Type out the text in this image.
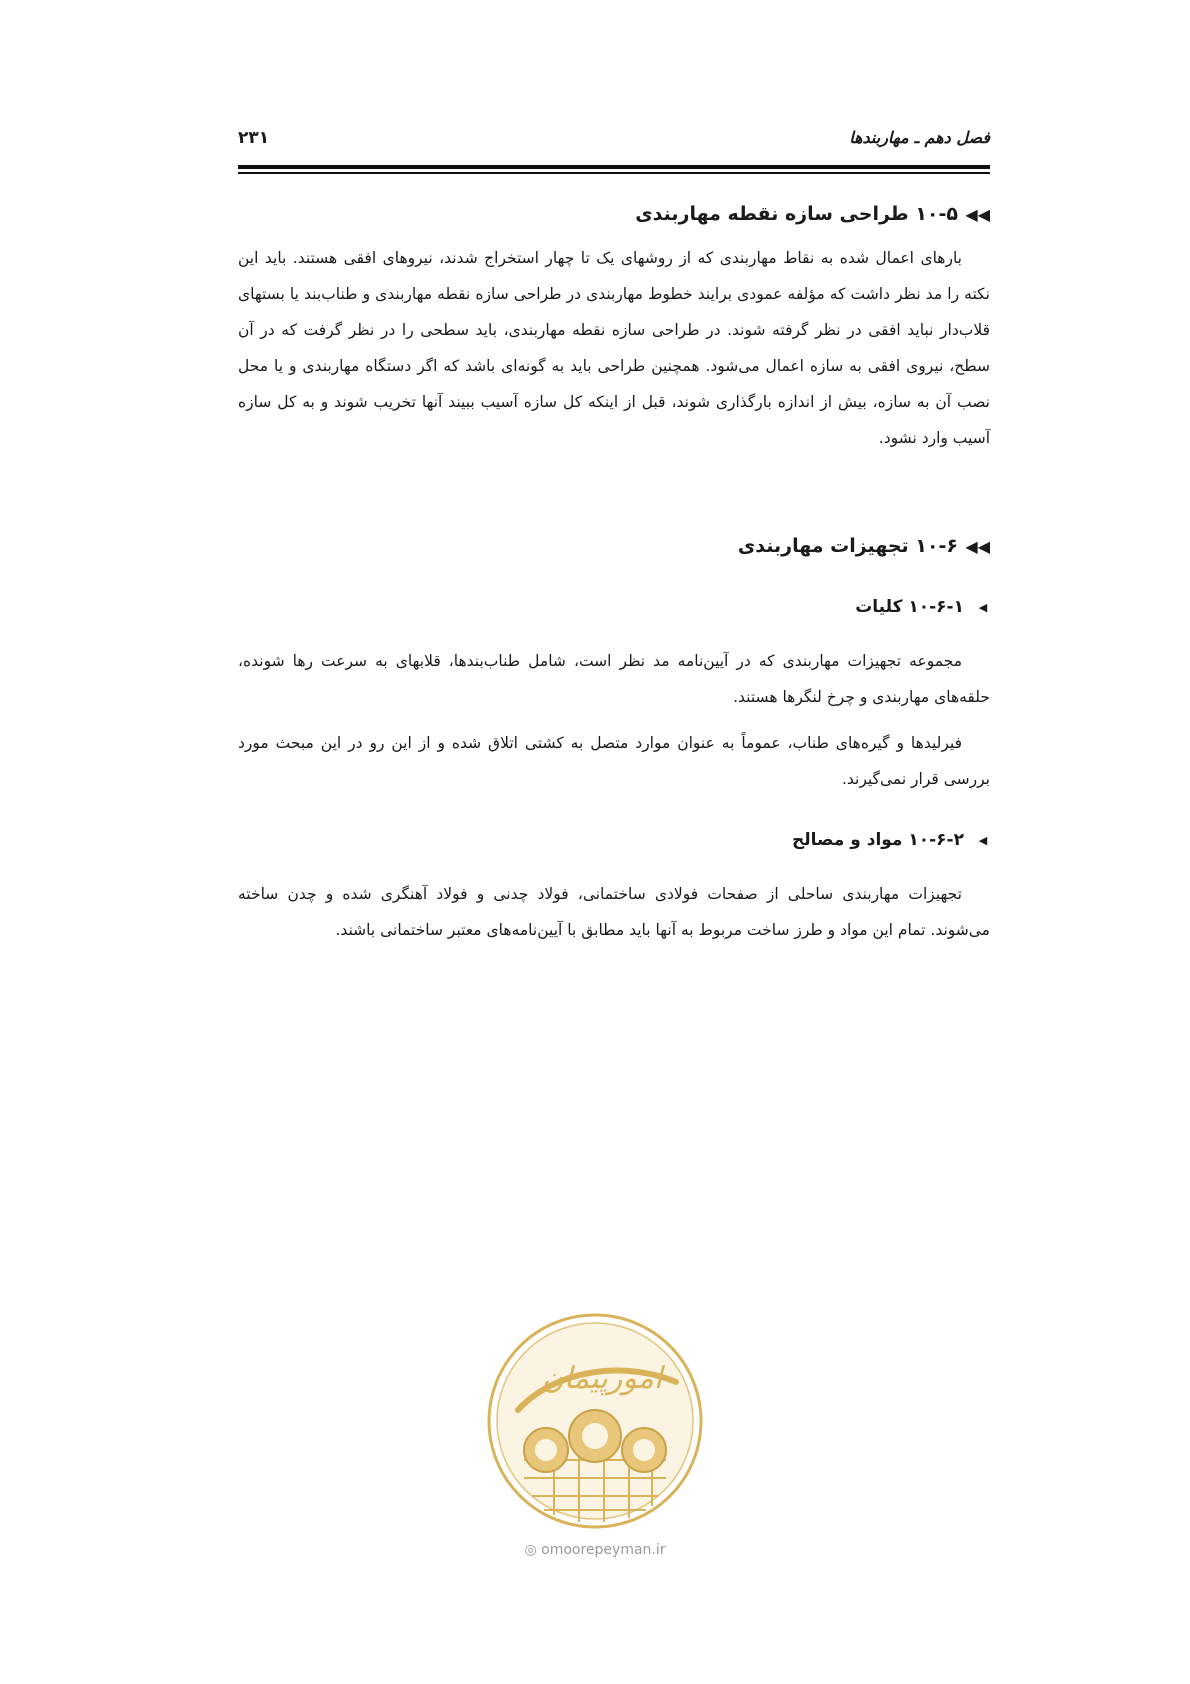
فصل دهم ـ مهاربندها
۲۳۱
◀◀
۱۰-۵ طراحی سازه نقطه مهاربندی

بارهای اعمال شده به نقاط مهاربندی که از روشهای یک تا چهار استخراج شدند، نیروهای افقی هستند. باید این نکته را مد نظر داشت که مؤلفه عمودی برایند خطوط مهاربندی در طراحی سازه نقطه مهاربندی و طناب‌بند یا بستهای قلاب‌دار نباید افقی در نظر گرفته شوند. در طراحی سازه نقطه مهاربندی، باید سطحی را در نظر گرفت که در آن سطح، نیروی افقی به سازه اعمال می‌شود. همچنین طراحی باید به گونه‌ای باشد که اگر دستگاه مهاربندی و یا محل نصب آن به سازه، بیش از اندازه بارگذاری شوند، قبل از اینکه کل سازه آسیب ببیند آنها تخریب شوند و به کل سازه آسیب وارد نشود.

◀◀
۱۰-۶ تجهیزات مهاربندی
◀
۱۰-۶-۱ کلیات

مجموعه تجهیزات مهاربندی که در آیین‌نامه مد نظر است، شامل طناب‌بندها، قلابهای به سرعت رها شونده، حلقه‌های مهاربندی و چرخ لنگرها هستند.

فیرلیدها و گیره‌های طناب، عموماً به عنوان موارد متصل به کشتی اتلاق شده و از این رو در این مبحث مورد بررسی قرار نمی‌گیرند.

◀
۱۰-۶-۲ مواد و مصالح

تجهیزات مهاربندی ساحلی از صفحات فولادی ساختمانی، فولاد چدنی و فولاد آهنگری شده و چدن ساخته می‌شوند. تمام این مواد و طرز ساخت مربوط به آنها باید مطابق با آیین‌نامه‌های معتبر ساختمانی باشند.

امورپیمان
◎ omoorepeyman.ir
